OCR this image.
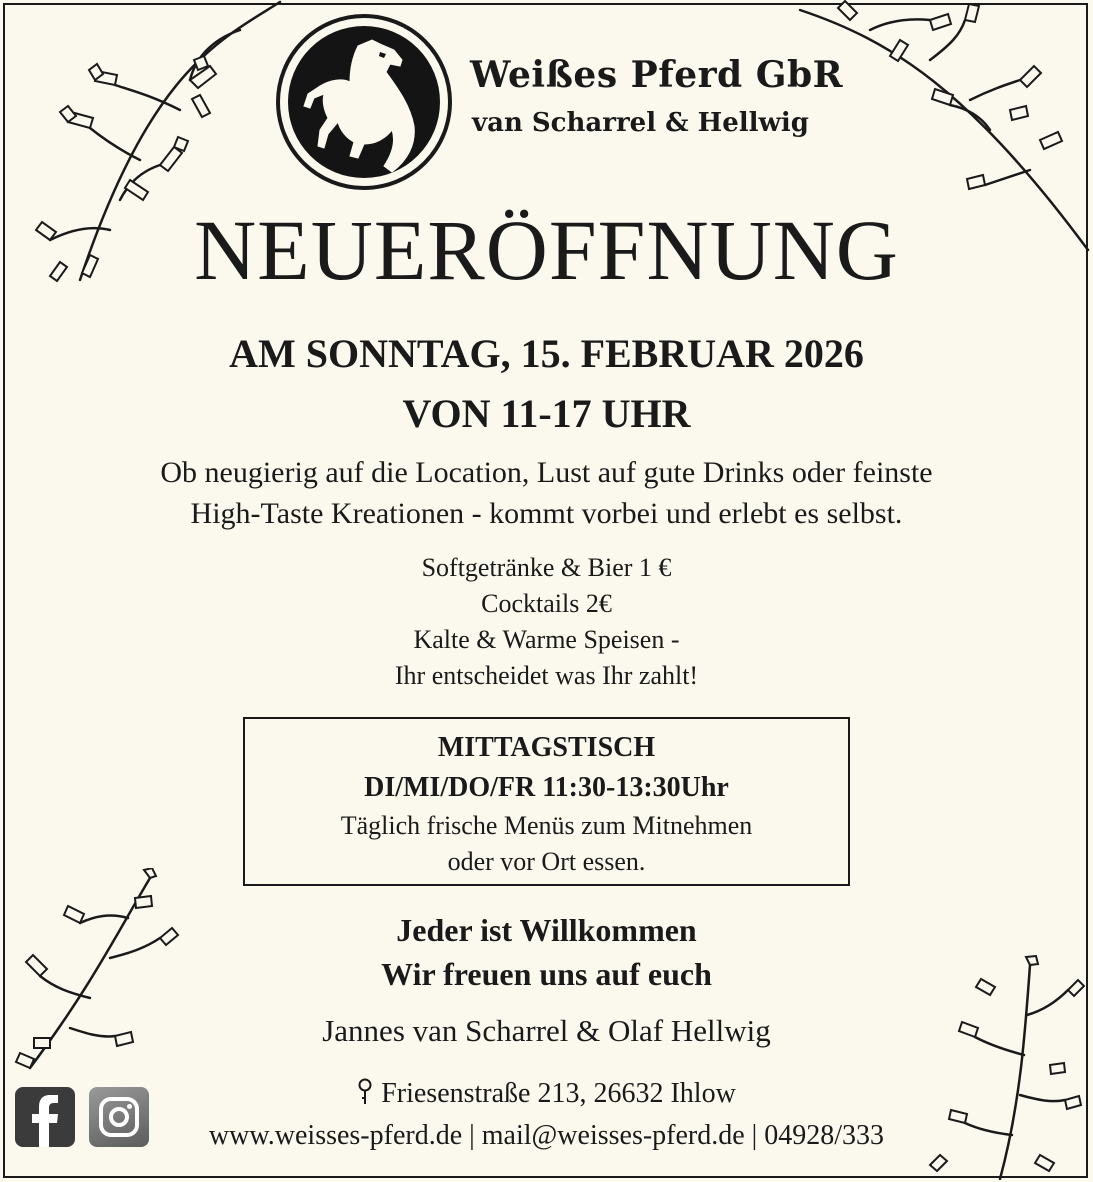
Weißes Pferd GbR
van Scharrel & Hellwig
NEUERÖFFNUNG
AM SONNTAG, 15. FEBRUAR 2026
VON 11-17 UHR
Ob neugierig auf die Location, Lust auf gute Drinks oder feinste
High-Taste Kreationen - kommt vorbei und erlebt es selbst.
Softgetränke & Bier 1 €
Cocktails 2€
Kalte & Warme Speisen -
Ihr entscheidet was Ihr zahlt!
MITTAGSTISCH
DI/MI/DO/FR 11:30-13:30Uhr
Täglich frische Menüs zum Mitnehmen
oder vor Ort essen.
Jeder ist Willkommen
Wir freuen uns auf euch
Jannes van Scharrel & Olaf Hellwig
Friesenstraße 213, 26632 Ihlow
www.weisses-pferd.de | mail@weisses-pferd.de | 04928/333
